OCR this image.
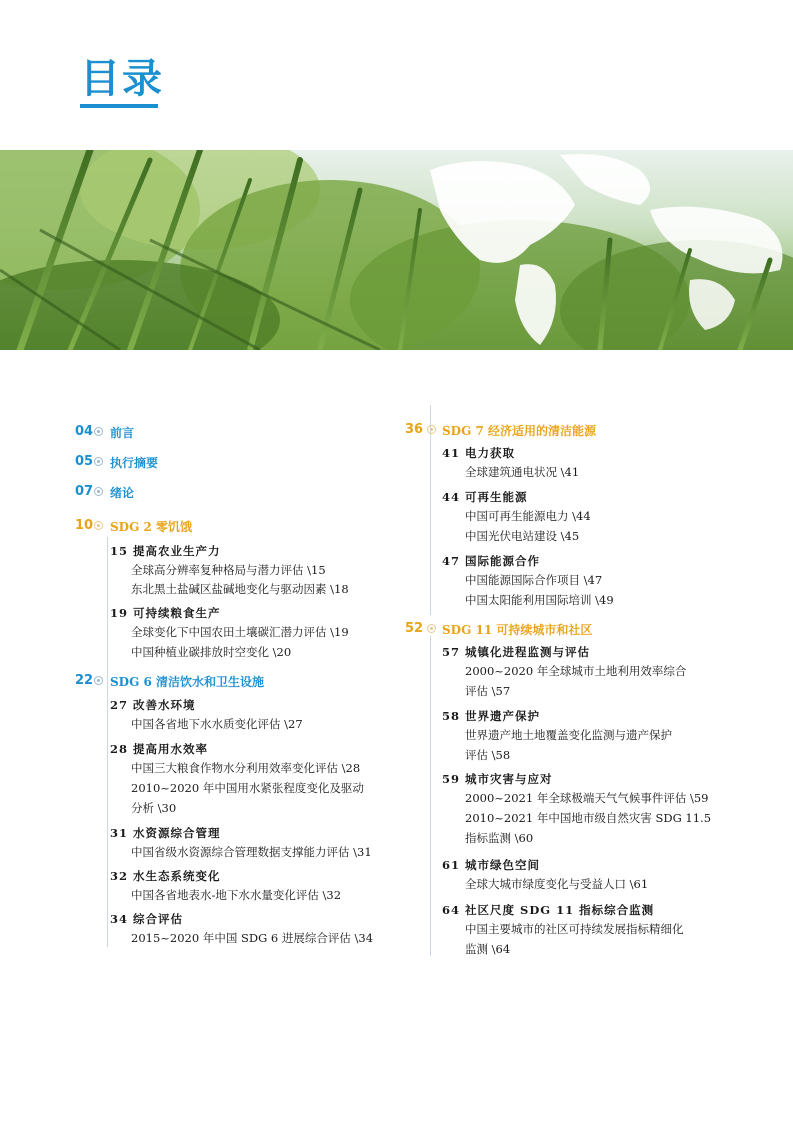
目录
04 前言
05 执行摘要
07 绪论
10 SDG 2 零饥饿
15 提高农业生产力
全球高分辨率复种格局与潜力评估 \15
东北黑土盐碱区盐碱地变化与驱动因素 \18
19 可持续粮食生产
全球变化下中国农田土壤碳汇潜力评估 \19
中国种植业碳排放时空变化 \20
22 SDG 6 清洁饮水和卫生设施
27 改善水环境
中国各省地下水水质变化评估 \27
28 提高用水效率
中国三大粮食作物水分利用效率变化评估 \28
2010~2020 年中国用水紧张程度变化及驱动
分析 \30
31 水资源综合管理
中国省级水资源综合管理数据支撑能力评估 \31
32 水生态系统变化
中国各省地表水-地下水水量变化评估 \32
34 综合评估
2015~2020 年中国 SDG 6 进展综合评估 \34
36 SDG 7 经济适用的清洁能源
41 电力获取
全球建筑通电状况 \41
44 可再生能源
中国可再生能源电力 \44
中国光伏电站建设 \45
47 国际能源合作
中国能源国际合作项目 \47
中国太阳能利用国际培训 \49
52 SDG 11 可持续城市和社区
57 城镇化进程监测与评估
2000~2020 年全球城市土地利用效率综合
评估 \57
58 世界遗产保护
世界遗产地土地覆盖变化监测与遗产保护
评估 \58
59 城市灾害与应对
2000~2021 年全球极端天气气候事件评估 \59
2010~2021 年中国地市级自然灾害 SDG 11.5
指标监测 \60
61 城市绿色空间
全球大城市绿度变化与受益人口 \61
64 社区尺度 SDG 11 指标综合监测
中国主要城市的社区可持续发展指标精细化
监测 \64
